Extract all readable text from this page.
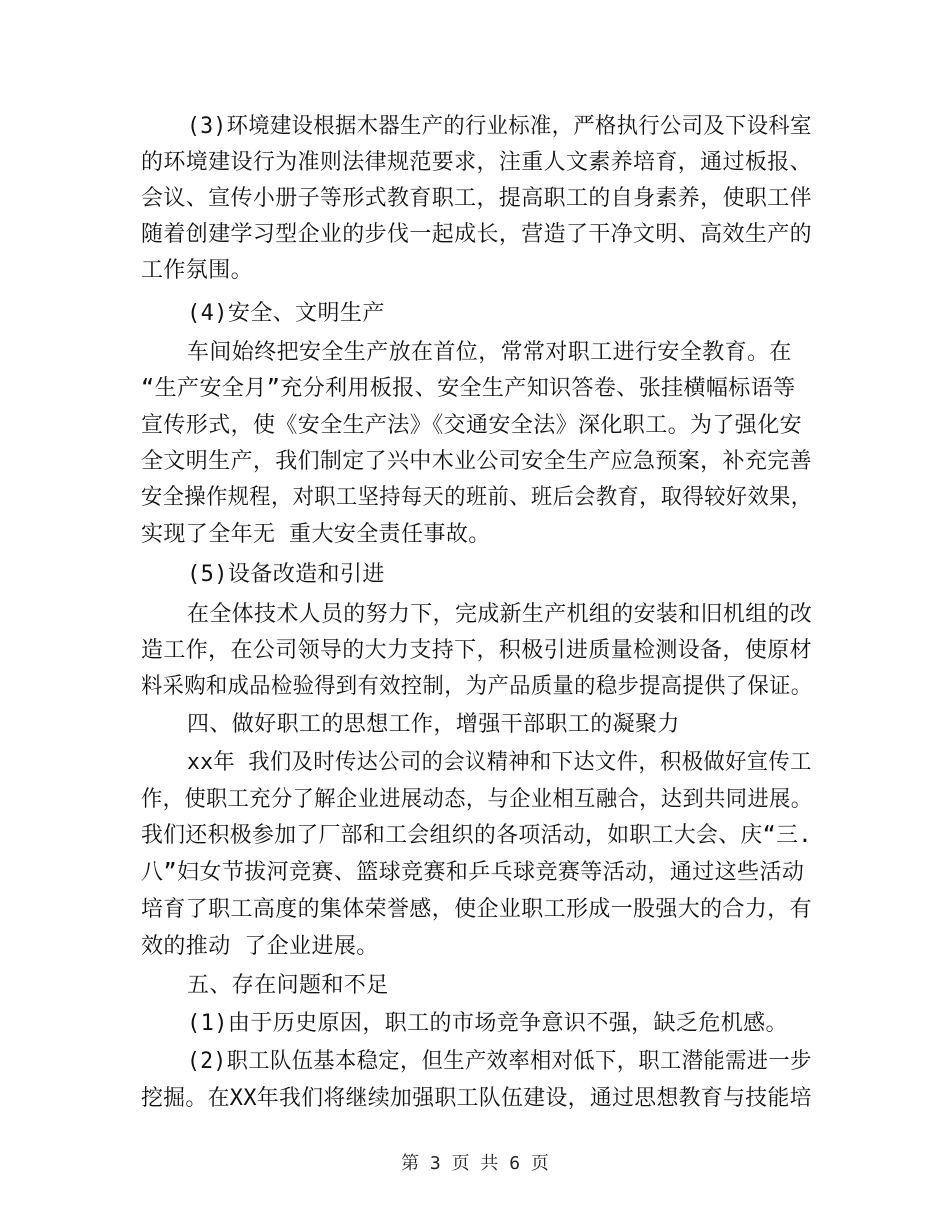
(3)环境建设根据木器生产的行业标准，严格执行公司及下设科室
的环境建设行为准则法律规范要求，注重人文素养培育，通过板报、
会议、宣传小册子等形式教育职工，提高职工的自身素养，使职工伴
随着创建学习型企业的步伐一起成长，营造了干净文明、高效生产的
工作氛围。
(4)安全、文明生产
车间始终把安全生产放在首位，常常对职工进行安全教育。在
“生产安全月”充分利用板报、安全生产知识答卷、张挂横幅标语等
宣传形式，使《安全生产法》《交通安全法》深化职工。为了强化安
全文明生产，我们制定了兴中木业公司安全生产应急预案，补充完善
安全操作规程，对职工坚持每天的班前、班后会教育，取得较好效果，
实现了全年无 重大安全责任事故。
(5)设备改造和引进
在全体技术人员的努力下，完成新生产机组的安装和旧机组的改
造工作，在公司领导的大力支持下，积极引进质量检测设备，使原材
料采购和成品检验得到有效控制，为产品质量的稳步提高提供了保证。
四、做好职工的思想工作，增强干部职工的凝聚力
xx年 我们及时传达公司的会议精神和下达文件，积极做好宣传工
作，使职工充分了解企业进展动态，与企业相互融合，达到共同进展。
我们还积极参加了厂部和工会组织的各项活动，如职工大会、庆“三.
八”妇女节拔河竞赛、篮球竞赛和乒乓球竞赛等活动，通过这些活动
培育了职工高度的集体荣誉感，使企业职工形成一股强大的合力，有
效的推动 了企业进展。
五、存在问题和不足
(1)由于历史原因，职工的市场竞争意识不强，缺乏危机感。
(2)职工队伍基本稳定，但生产效率相对低下，职工潜能需进一步
挖掘。在XX年我们将继续加强职工队伍建设，通过思想教育与技能培
第 3 页 共 6 页
